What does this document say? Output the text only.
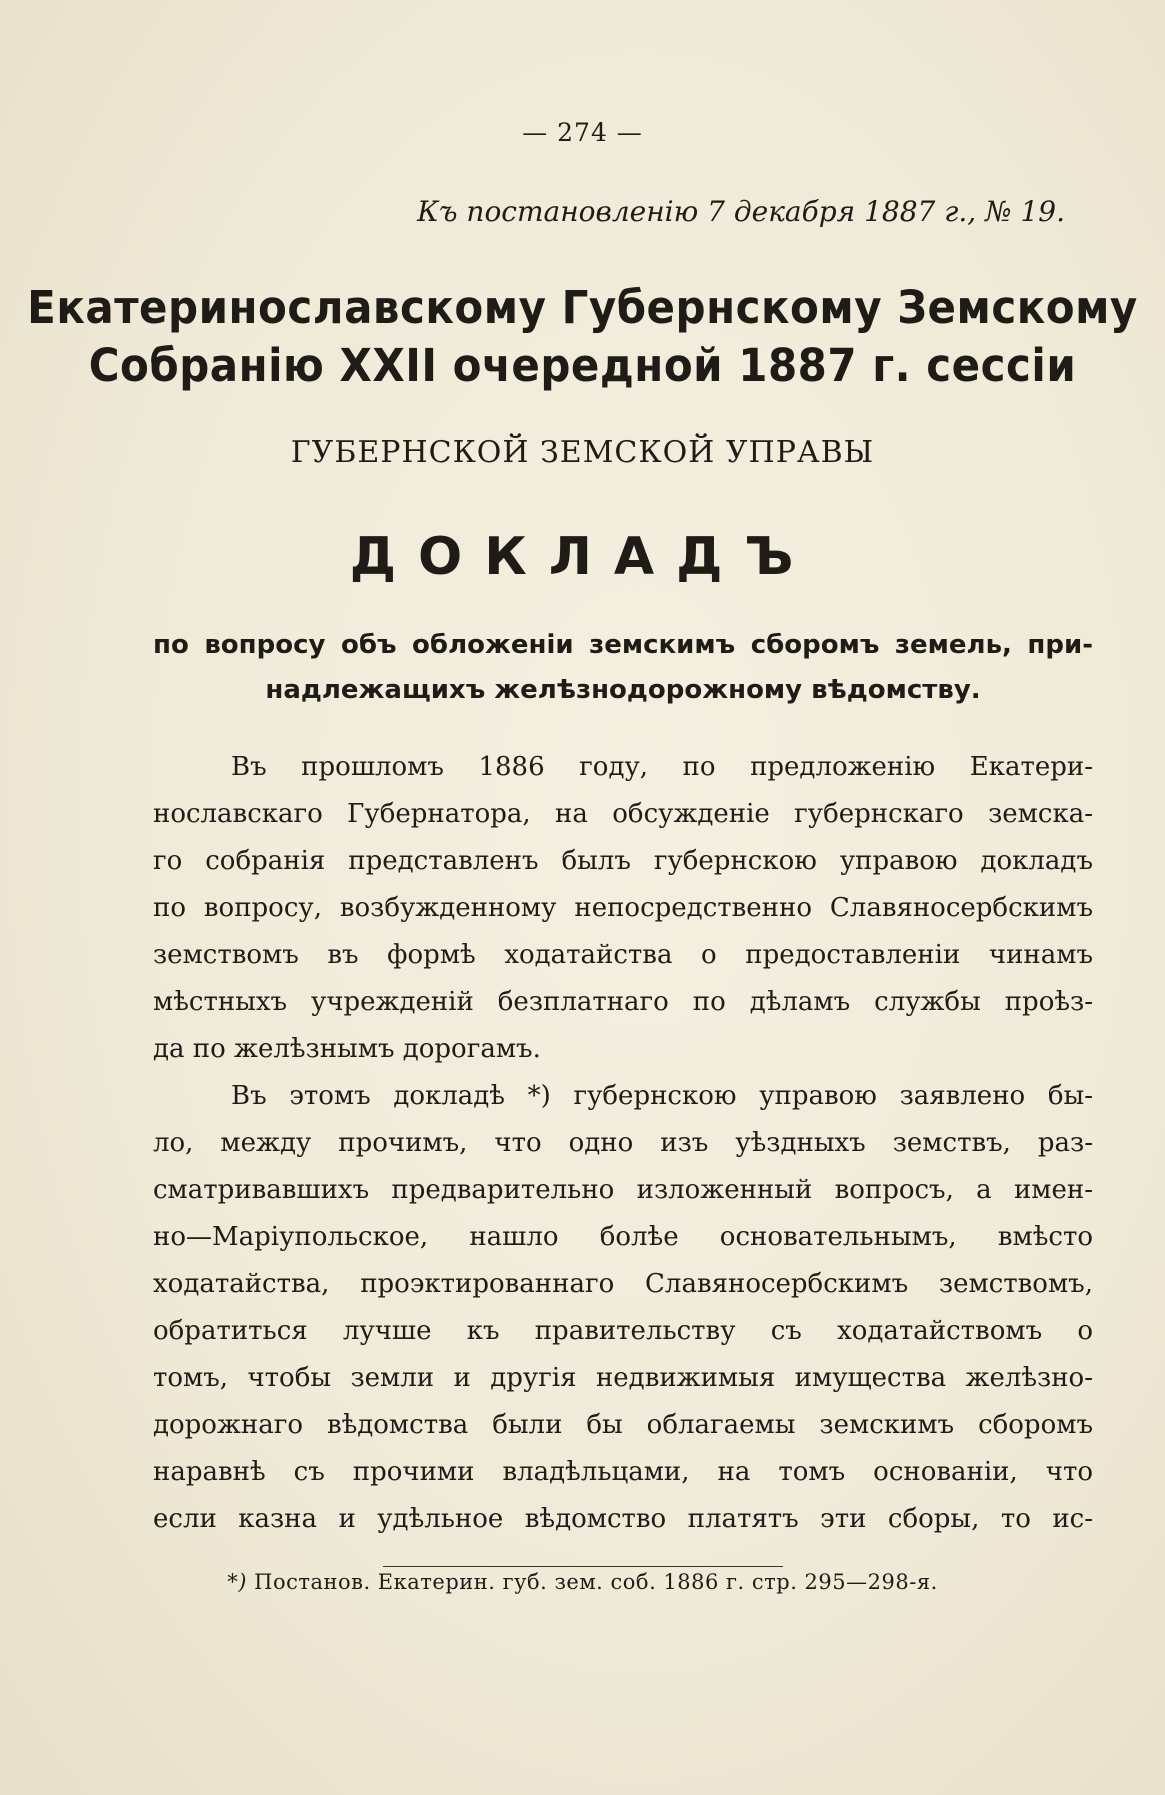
— 274 —
Къ постановленію 7 декабря 1887 г., № 19.
Екатеринославскому Губернскому Земскому
Собранію XXII очередной 1887 г. сессіи
ГУБЕРНСКОЙ ЗЕМСКОЙ УПРАВЫ
ДОКЛАДЪ
по вопросу объ обложеніи земскимъ сборомъ земель, при-
надлежащихъ желѣзнодорожному вѣдомству.
Въ прошломъ 1886 году, по предложенію Екатери-
нославскаго Губернатора, на обсужденіе губернскаго земска-
го собранія представленъ былъ губернскою управою докладъ
по вопросу, возбужденному непосредственно Славяносербскимъ
земствомъ въ формѣ ходатайства о предоставленіи чинамъ
мѣстныхъ учрежденій безплатнаго по дѣламъ службы проѣз-
да по желѣзнымъ дорогамъ.
Въ этомъ докладѣ *) губернскою управою заявлено бы-
ло, между прочимъ, что одно изъ уѣздныхъ земствъ, раз-
сматривавшихъ предварительно изложенный вопросъ, а имен-
но—Маріупольское, нашло болѣе основательнымъ, вмѣсто
ходатайства, проэктированнаго Славяносербскимъ земствомъ,
обратиться лучше къ правительству съ ходатайствомъ о
томъ, чтобы земли и другія недвижимыя имущества желѣзно-
дорожнаго вѣдомства были бы облагаемы земскимъ сборомъ
наравнѣ съ прочими владѣльцами, на томъ основаніи, что
если казна и удѣльное вѣдомство платятъ эти сборы, то ис-
*) Постанов. Екатерин. губ. зем. соб. 1886 г. стр. 295—298-я.
